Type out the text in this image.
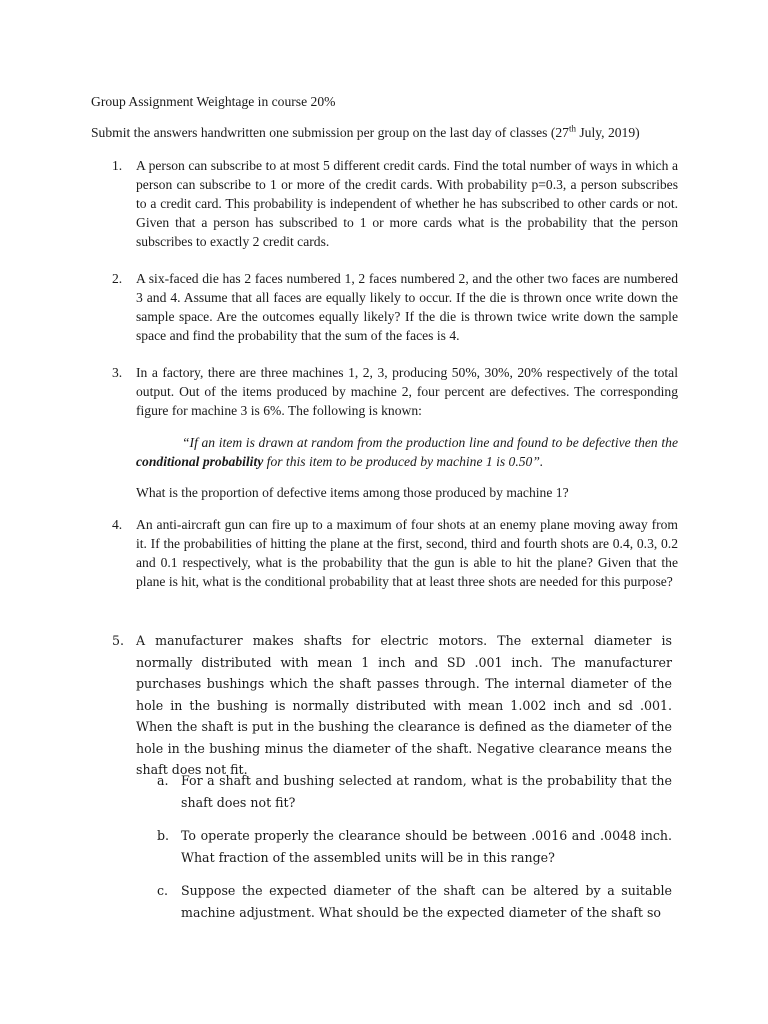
Group Assignment Weightage in course 20%
Submit the answers handwritten one submission per group on the last day of classes (27th July, 2019)
1. A person can subscribe to at most 5 different credit cards. Find the total number of ways in which a person can subscribe to 1 or more of the credit cards. With probability p=0.3, a person subscribes to a credit card. This probability is independent of whether he has subscribed to other cards or not. Given that a person has subscribed to 1 or more cards what is the probability that the person subscribes to exactly 2 credit cards.
2. A six-faced die has 2 faces numbered 1, 2 faces numbered 2, and the other two faces are numbered 3 and 4. Assume that all faces are equally likely to occur. If the die is thrown once write down the sample space. Are the outcomes equally likely? If the die is thrown twice write down the sample space and find the probability that the sum of the faces is 4.
3. In a factory, there are three machines 1, 2, 3, producing 50%, 30%, 20% respectively of the total output. Out of the items produced by machine 2, four percent are defectives. The corresponding figure for machine 3 is 6%. The following is known:
“If an item is drawn at random from the production line and found to be defective then the conditional probability for this item to be produced by machine 1 is 0.50”.
What is the proportion of defective items among those produced by machine 1?
4. An anti-aircraft gun can fire up to a maximum of four shots at an enemy plane moving away from it. If the probabilities of hitting the plane at the first, second, third and fourth shots are 0.4, 0.3, 0.2 and 0.1 respectively, what is the probability that the gun is able to hit the plane? Given that the plane is hit, what is the conditional probability that at least three shots are needed for this purpose?
5. A manufacturer makes shafts for electric motors. The external diameter is normally distributed with mean 1 inch and SD .001 inch. The manufacturer purchases bushings which the shaft passes through. The internal diameter of the hole in the bushing is normally distributed with mean 1.002 inch and sd .001. When the shaft is put in the bushing the clearance is defined as the diameter of the hole in the bushing minus the diameter of the shaft. Negative clearance means the shaft does not fit.
a. For a shaft and bushing selected at random, what is the probability that the shaft does not fit?
b. To operate properly the clearance should be between .0016 and .0048 inch. What fraction of the assembled units will be in this range?
c. Suppose the expected diameter of the shaft can be altered by a suitable machine adjustment. What should be the expected diameter of the shaft so
